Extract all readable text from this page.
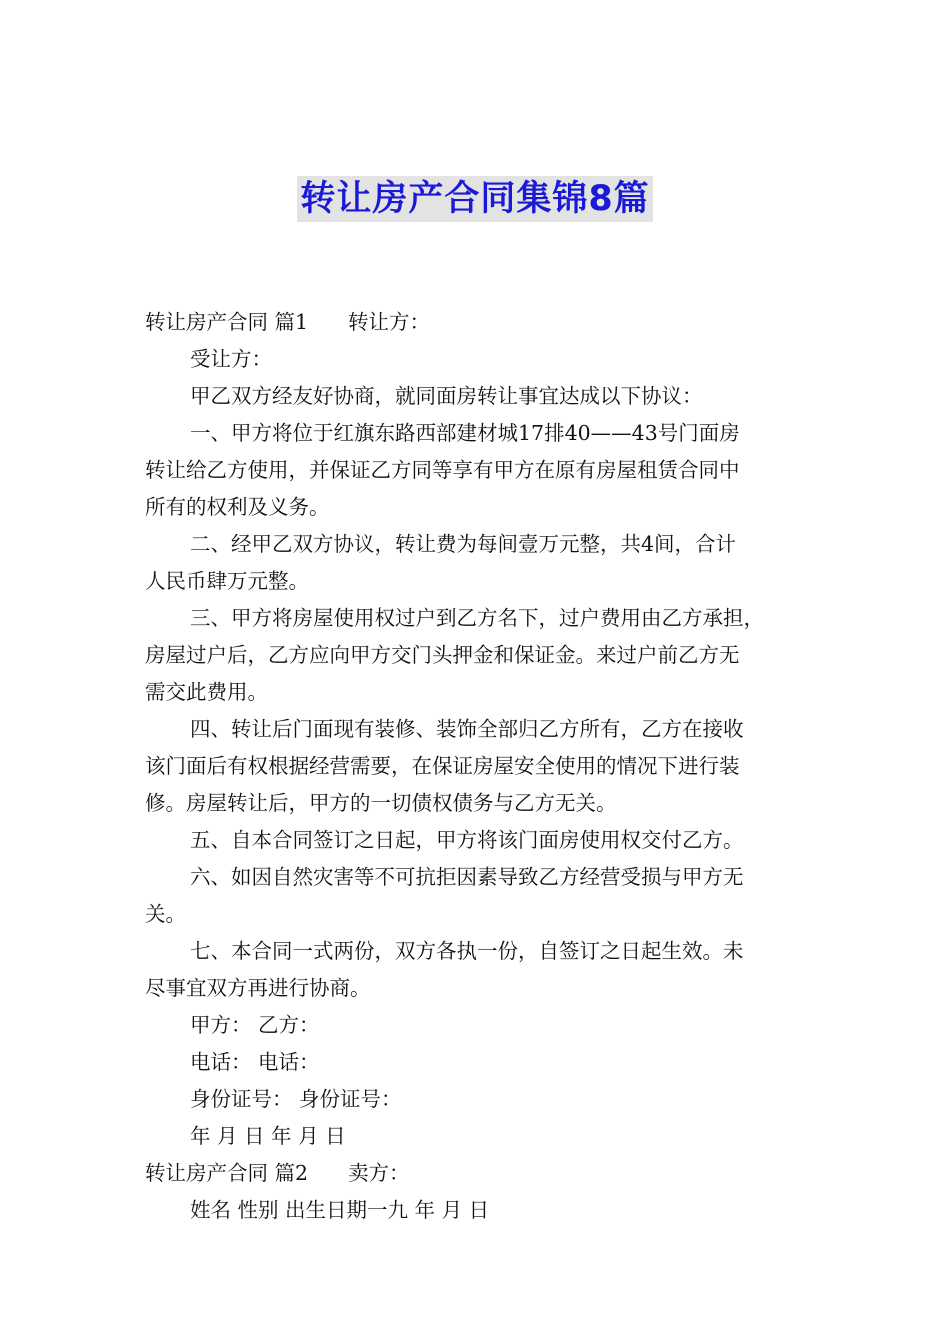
转让房产合同集锦8篇

转让房产合同 篇1 转让方：

受让方：

甲乙双方经友好协商，就同面房转让事宜达成以下协议：

一、甲方将位于红旗东路西部建材城17排40——43号门面房

转让给乙方使用，并保证乙方同等享有甲方在原有房屋租赁合同中

所有的权利及义务。

二、经甲乙双方协议，转让费为每间壹万元整，共4间，合计

人民币肆万元整。

三、甲方将房屋使用权过户到乙方名下，过户费用由乙方承担，

房屋过户后，乙方应向甲方交门头押金和保证金。来过户前乙方无

需交此费用。

四、转让后门面现有装修、装饰全部归乙方所有，乙方在接收

该门面后有权根据经营需要，在保证房屋安全使用的情况下进行装

修。房屋转让后，甲方的一切债权债务与乙方无关。

五、自本合同签订之日起，甲方将该门面房使用权交付乙方。

六、如因自然灾害等不可抗拒因素导致乙方经营受损与甲方无

关。

七、本合同一式两份，双方各执一份，自签订之日起生效。未

尽事宜双方再进行协商。

甲方： 乙方：

电话： 电话：

身份证号： 身份证号：

年 月 日 年 月 日

转让房产合同 篇2 卖方：

姓名 性别 出生日期一九 年 月 日
